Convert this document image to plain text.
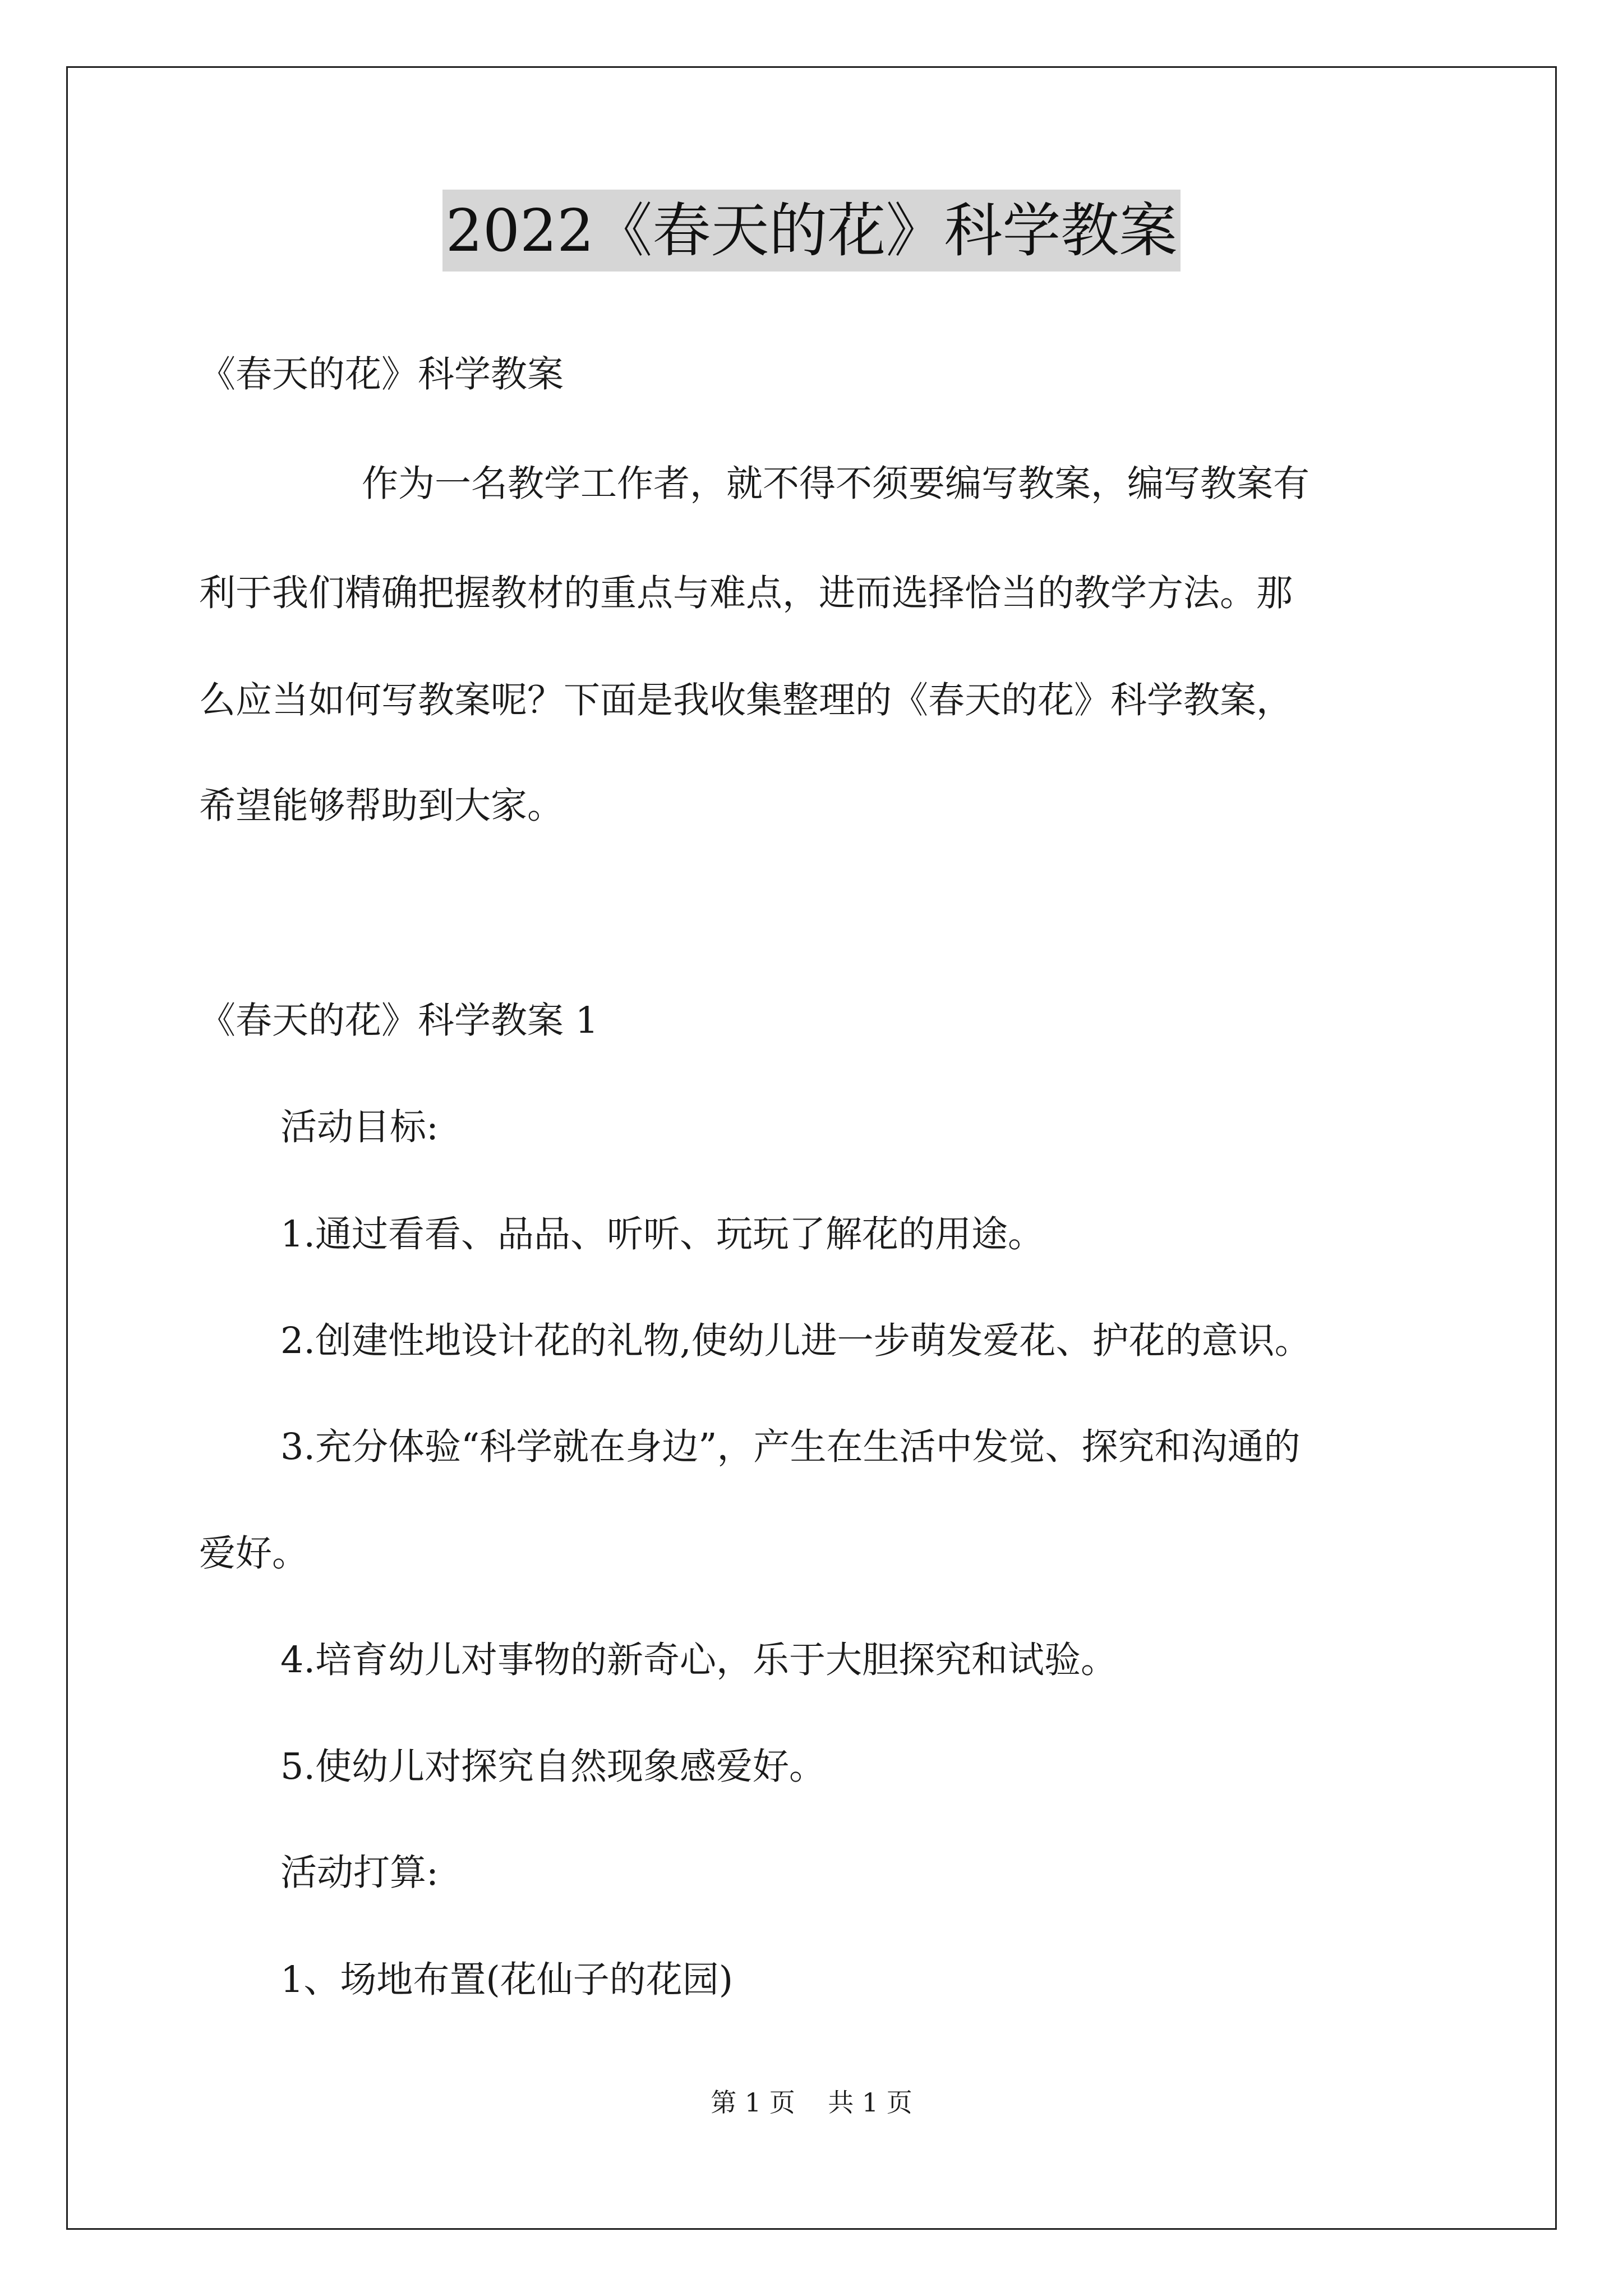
2022《春天的花》科学教案
《春天的花》科学教案
作为一名教学工作者，就不得不须要编写教案，编写教案有
利于我们精确把握教材的重点与难点，进而选择恰当的教学方法。那
么应当如何写教案呢？下面是我收集整理的《春天的花》科学教案，
希望能够帮助到大家。
《春天的花》科学教案 1
活动目标:
1.通过看看、品品、听听、玩玩了解花的用途。
2.创建性地设计花的礼物,使幼儿进一步萌发爱花、护花的意识。
3.充分体验“科学就在身边”，产生在生活中发觉、探究和沟通的
爱好。
4.培育幼儿对事物的新奇心，乐于大胆探究和试验。
5.使幼儿对探究自然现象感爱好。
活动打算:
1、场地布置(花仙子的花园)
第 1 页    共 1 页
